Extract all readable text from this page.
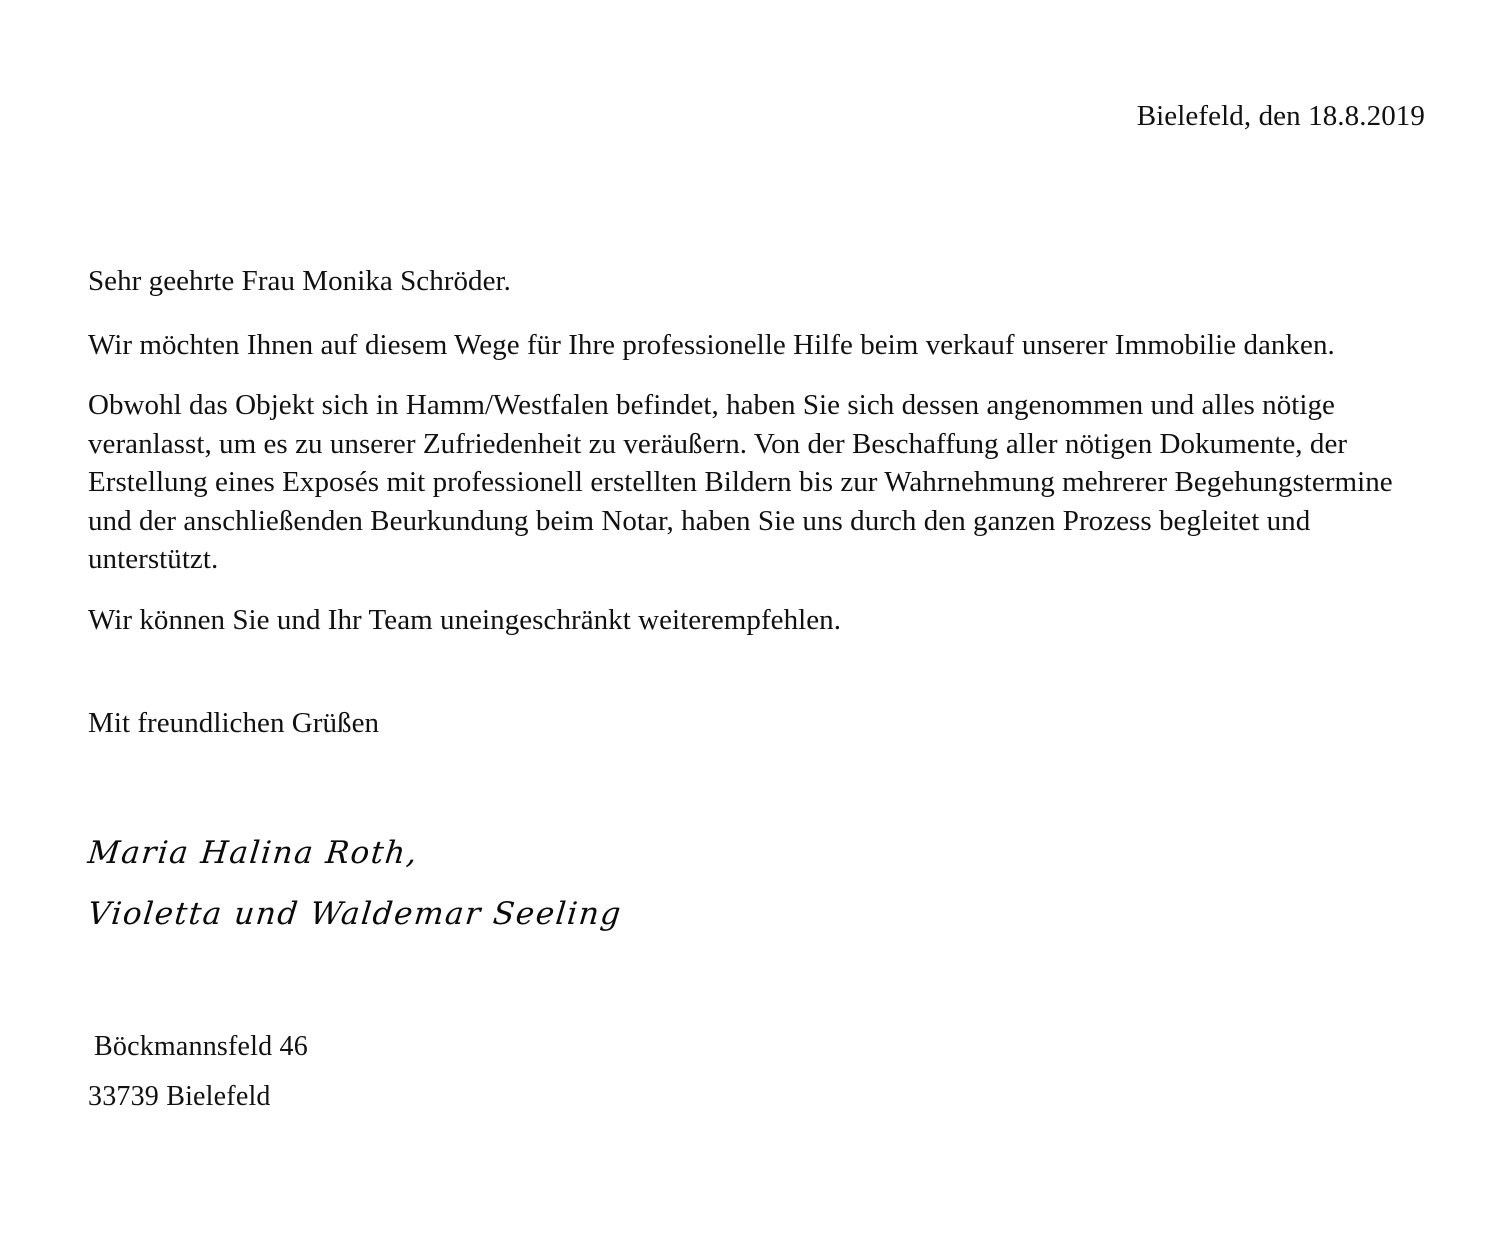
Bielefeld, den 18.8.2019

Sehr geehrte Frau Monika Schröder.

Wir möchten Ihnen auf diesem Wege für Ihre professionelle Hilfe beim verkauf unserer Immobilie danken.

Obwohl das Objekt sich in Hamm/Westfalen befindet, haben Sie sich dessen angenommen und alles nötige veranlasst, um es zu unserer Zufriedenheit zu veräußern. Von der Beschaffung aller nötigen Dokumente, der Erstellung eines Exposés mit professionell erstellten Bildern bis zur Wahrnehmung mehrerer Begehungstermine und der anschließenden Beurkundung beim Notar, haben Sie uns durch den ganzen Prozess begleitet und unterstützt.

Wir können Sie und Ihr Team uneingeschränkt weiterempfehlen.

Mit freundlichen Grüßen

Maria Halina Roth,
Violetta und Waldemar Seeling
Böckmannsfeld 46
33739 Bielefeld
